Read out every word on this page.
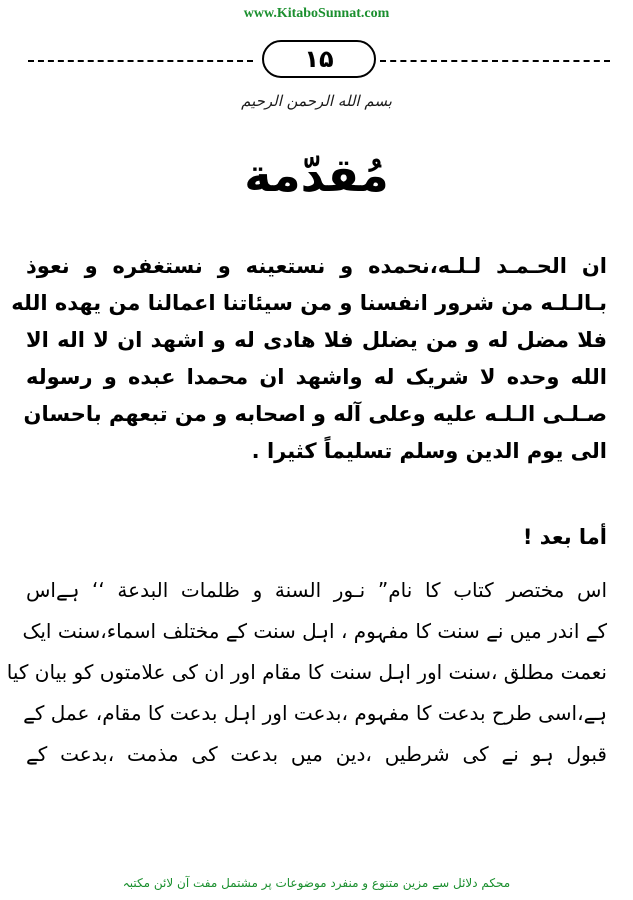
www.KitaboSunnat.com
۱۵
بسم الله الرحمن الرحيم
مُقدّمة
ان الحـمـد لـلـه،نحمده و نستعينه و نستغفره و نعوذ
بـالـلـه من شرور انفسنا و من سيئاتنا اعمالنا من يهده الله
فلا مضل له و من يضلل فلا هادی له و اشهد ان لا اله الا
الله وحده لا شريک له واشهد ان محمدا عبده و رسوله
صـلـى الـلـه عليه وعلى آله و اصحابه و من تبعهم باحسان
الی يوم الدين وسلم تسلیماً کثیرا .
أما بعد !
اس مختصر کتاب کا نام” نـور السنة و ظلمات البدعة ‘‘ ہےاس
کے اندر میں نے سنت کا مفہوم ، اہل سنت کے مختلف اسماء،سنت ایک
نعمت مطلق ،سنت اور اہل سنت کا مقام اور ان کی علامتوں کو بیان کیا
ہے،اسی طرح بدعت کا مفہوم ،بدعت اور اہل بدعت کا مقام، عمل کے
قبول ہو نے کی شرطیں ،دین میں بدعت کی مذمت ،بدعت کے
محکم دلائل سے مزین متنوع و منفرد موضوعات پر مشتمل مفت آن لائن مکتبہ
